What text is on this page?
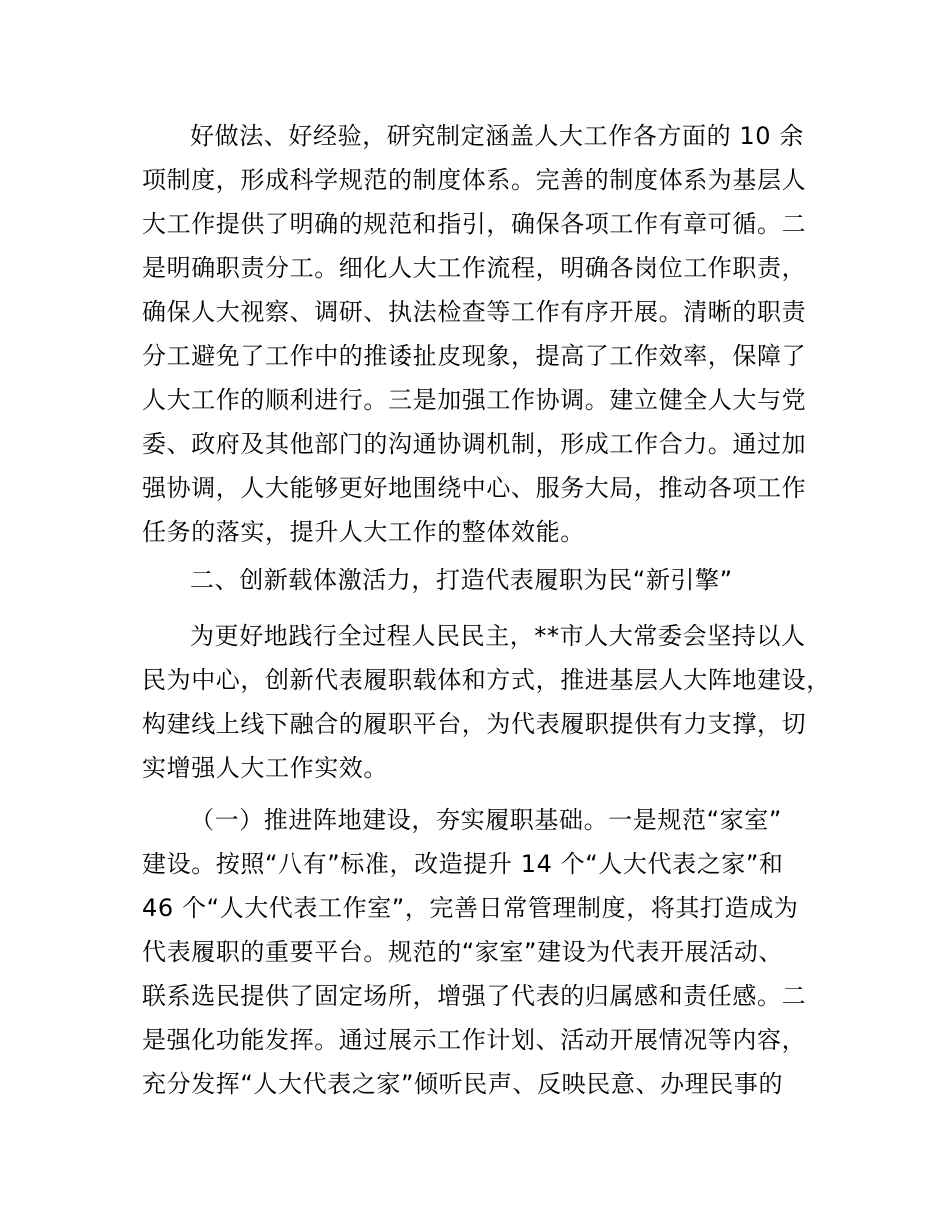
好做法、好经验，研究制定涵盖人大工作各方面的 10 余
项制度，形成科学规范的制度体系。完善的制度体系为基层人
大工作提供了明确的规范和指引，确保各项工作有章可循。二
是明确职责分工。细化人大工作流程，明确各岗位工作职责，
确保人大视察、调研、执法检查等工作有序开展。清晰的职责
分工避免了工作中的推诿扯皮现象，提高了工作效率，保障了
人大工作的顺利进行。三是加强工作协调。建立健全人大与党
委、政府及其他部门的沟通协调机制，形成工作合力。通过加
强协调，人大能够更好地围绕中心、服务大局，推动各项工作
任务的落实，提升人大工作的整体效能。
二、创新载体激活力，打造代表履职为民“新引擎”
为更好地践行全过程人民民主，**市人大常委会坚持以人
民为中心，创新代表履职载体和方式，推进基层人大阵地建设，
构建线上线下融合的履职平台，为代表履职提供有力支撑，切
实增强人大工作实效。
（一）推进阵地建设，夯实履职基础。一是规范“家室”
建设。按照“八有”标准，改造提升 14 个“人大代表之家”和
46 个“人大代表工作室”，完善日常管理制度，将其打造成为
代表履职的重要平台。规范的“家室”建设为代表开展活动、
联系选民提供了固定场所，增强了代表的归属感和责任感。二
是强化功能发挥。通过展示工作计划、活动开展情况等内容，
充分发挥“人大代表之家”倾听民声、反映民意、办理民事的
